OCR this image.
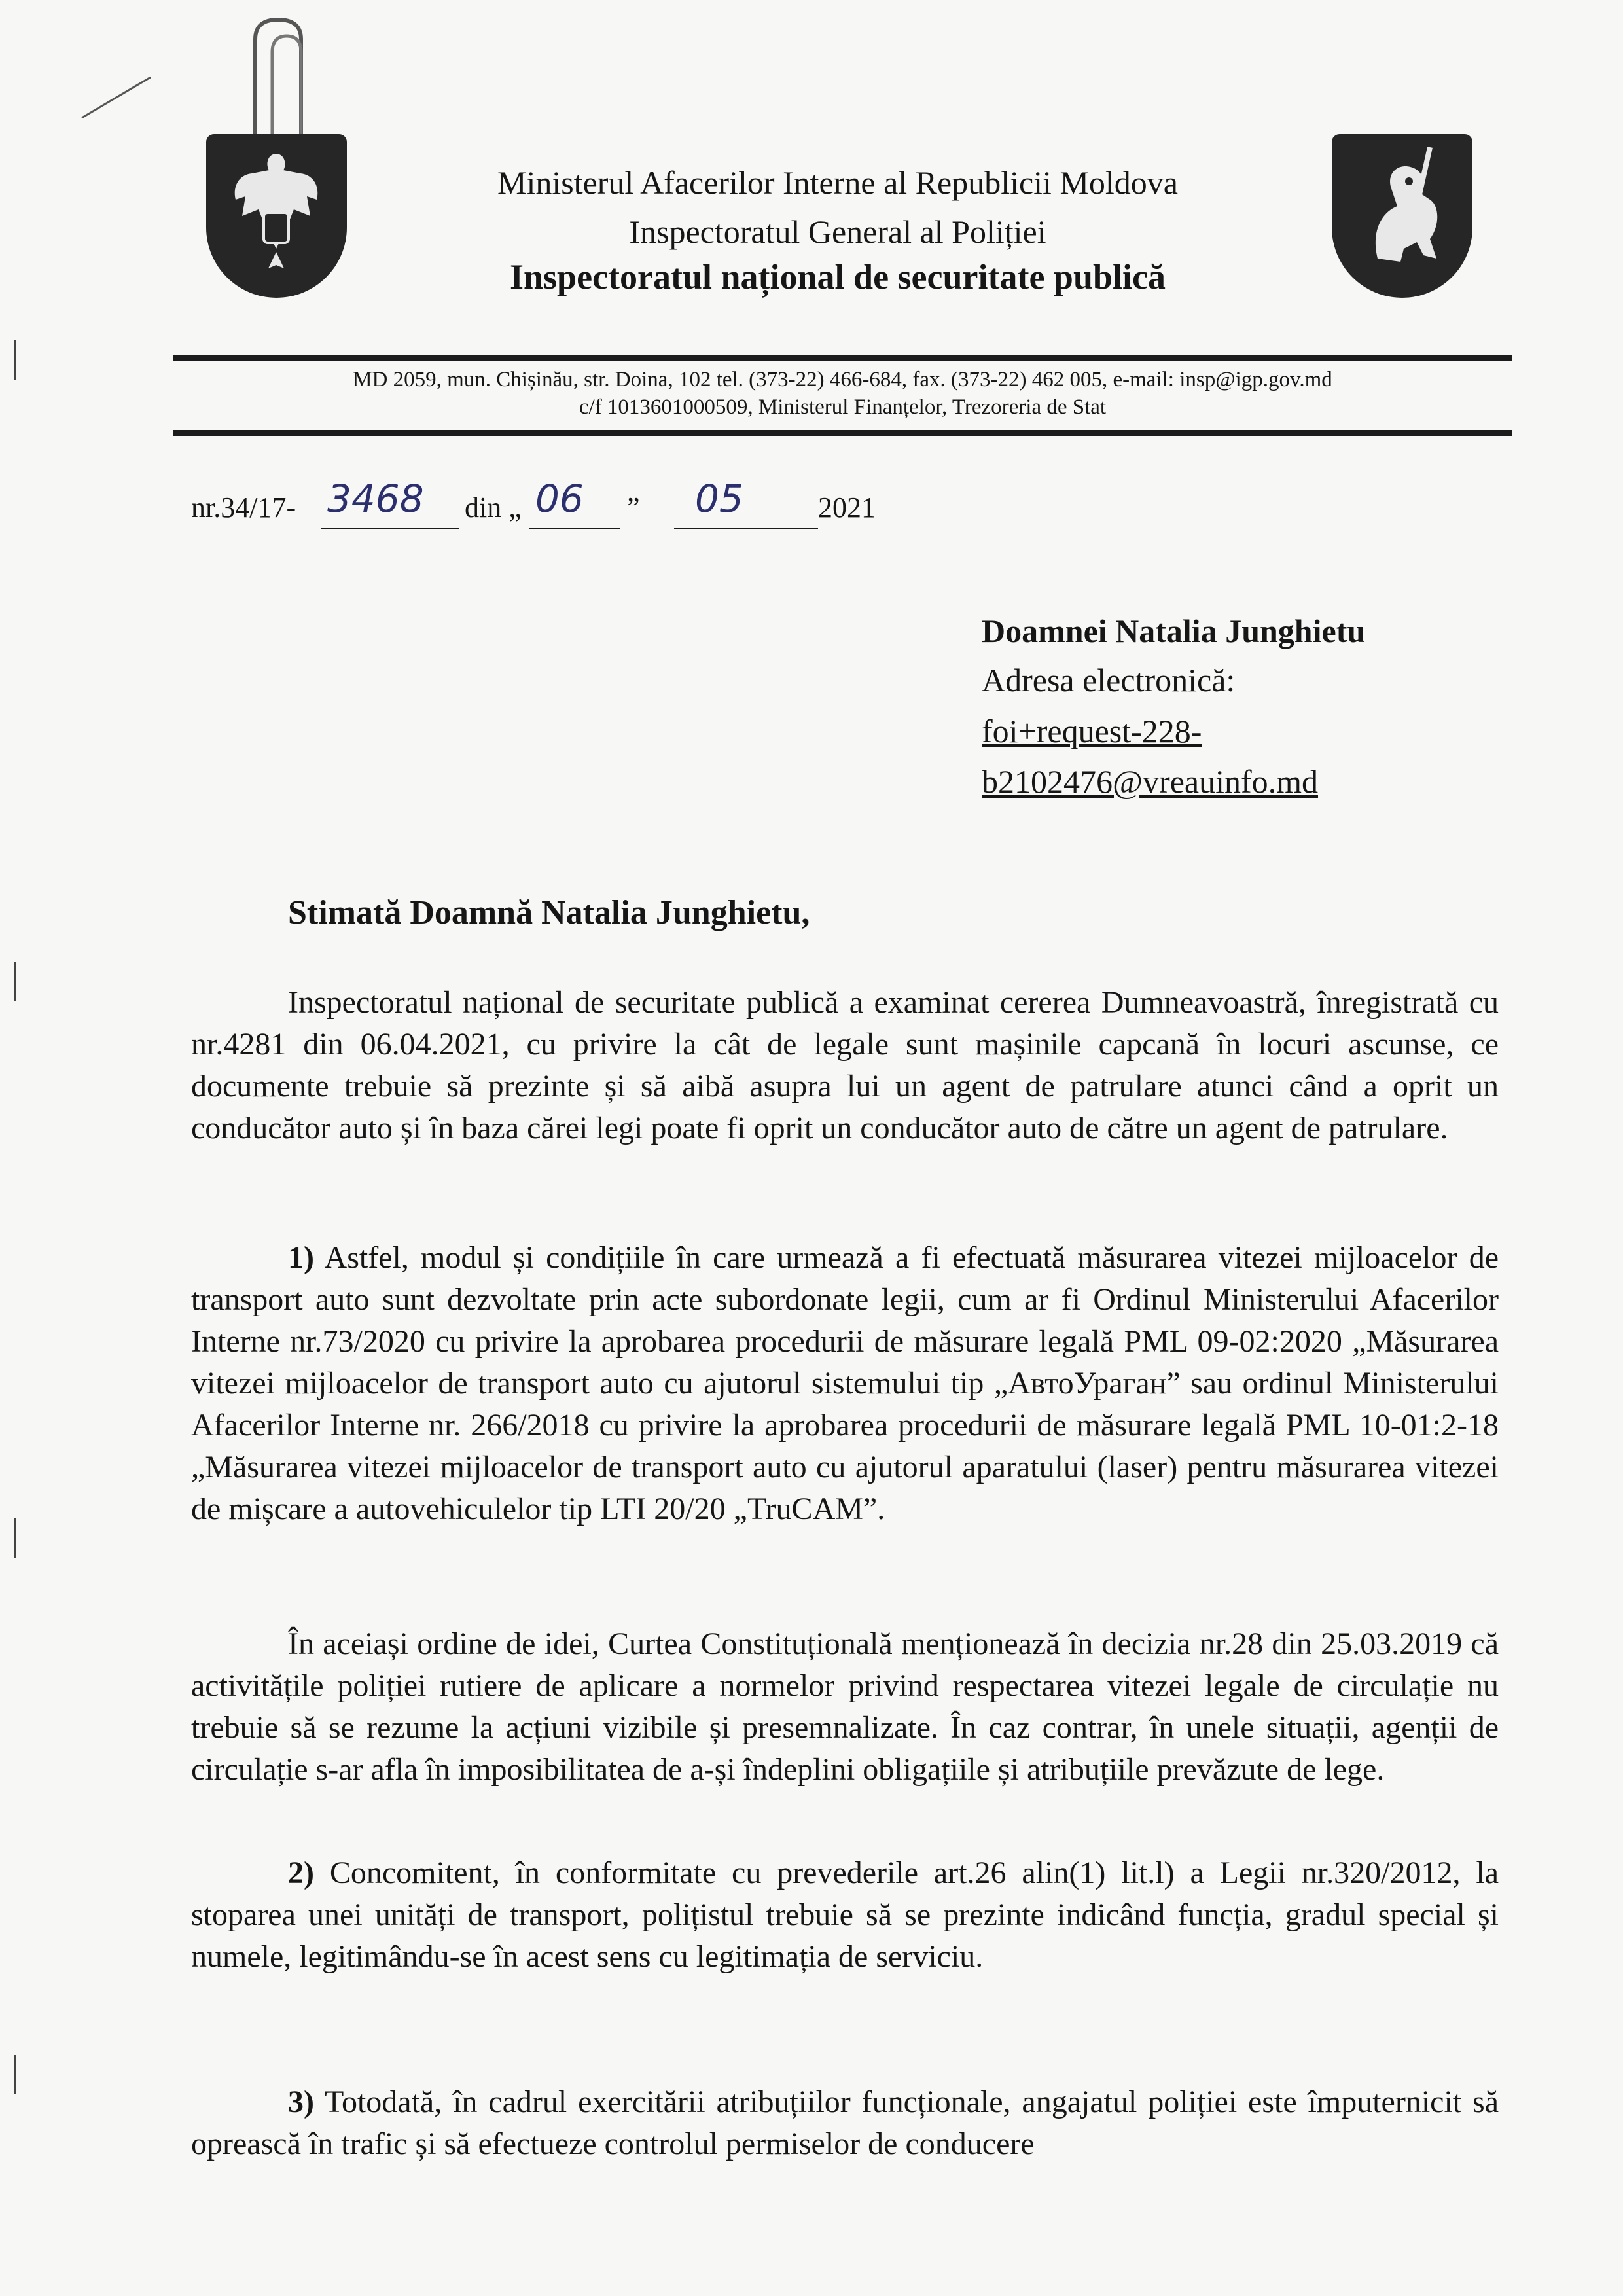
Ministerul Afacerilor Interne al Republicii Moldova
Inspectoratul General al Poliției
Inspectoratul național de securitate publică
MD 2059, mun. Chișinău, str. Doina, 102 tel. (373-22) 466-684, fax. (373-22) 462 005, e-mail: insp@igp.gov.md
c/f 1013601000509, Ministerul Finanțelor, Trezoreria de Stat
nr.34/17- 3468 din „ 06 ” 05	2021
Doamnei Natalia Junghietu
Adresa electronică:
foi+request-228-
b2102476@vreauinfo.md
Stimată Doamnă Natalia Junghietu,

Inspectoratul național de securitate publică a examinat cererea Dumneavoastră, înregistrată cu nr.4281 din 06.04.2021, cu privire la cât de legale sunt mașinile capcană în locuri ascunse, ce documente trebuie să prezinte și să aibă asupra lui un agent de patrulare atunci când a oprit un conducător auto și în baza cărei legi poate fi oprit un conducător auto de către un agent de patrulare.

1) Astfel, modul și condițiile în care urmează a fi efectuată măsurarea vitezei mijloacelor de transport auto sunt dezvoltate prin acte subordonate legii, cum ar fi Ordinul Ministerului Afacerilor Interne nr.73/2020 cu privire la aprobarea procedurii de măsurare legală PML 09-02:2020 „Măsurarea vitezei mijloacelor de transport auto cu ajutorul sistemului tip „АвтоУраган” sau ordinul Ministerului Afacerilor Interne nr. 266/2018 cu privire la aprobarea procedurii de măsurare legală PML 10-01:2-18 „Măsurarea vitezei mijloacelor de transport auto cu ajutorul aparatului (laser) pentru măsurarea vitezei de mișcare a autovehiculelor tip LTI 20/20 „TruCAM”.

În aceiași ordine de idei, Curtea Constituțională menționează în decizia nr.28 din 25.03.2019 că activitățile poliției rutiere de aplicare a normelor privind respectarea vitezei legale de circulație nu trebuie să se rezume la acțiuni vizibile și presemnalizate. În caz contrar, în unele situații, agenții de circulație s-ar afla în imposibilitatea de a-și îndeplini obligațiile și atribuțiile prevăzute de lege.

2) Concomitent, în conformitate cu prevederile art.26 alin(1) lit.l) a Legii nr.320/2012, la stoparea unei unități de transport, polițistul trebuie să se prezinte indicând funcția, gradul special și numele, legitimându-se în acest sens cu legitimația de serviciu.

3) Totodată, în cadrul exercitării atribuțiilor funcționale, angajatul poliției este împuternicit să oprească în trafic și să efectueze controlul permiselor de conducere
